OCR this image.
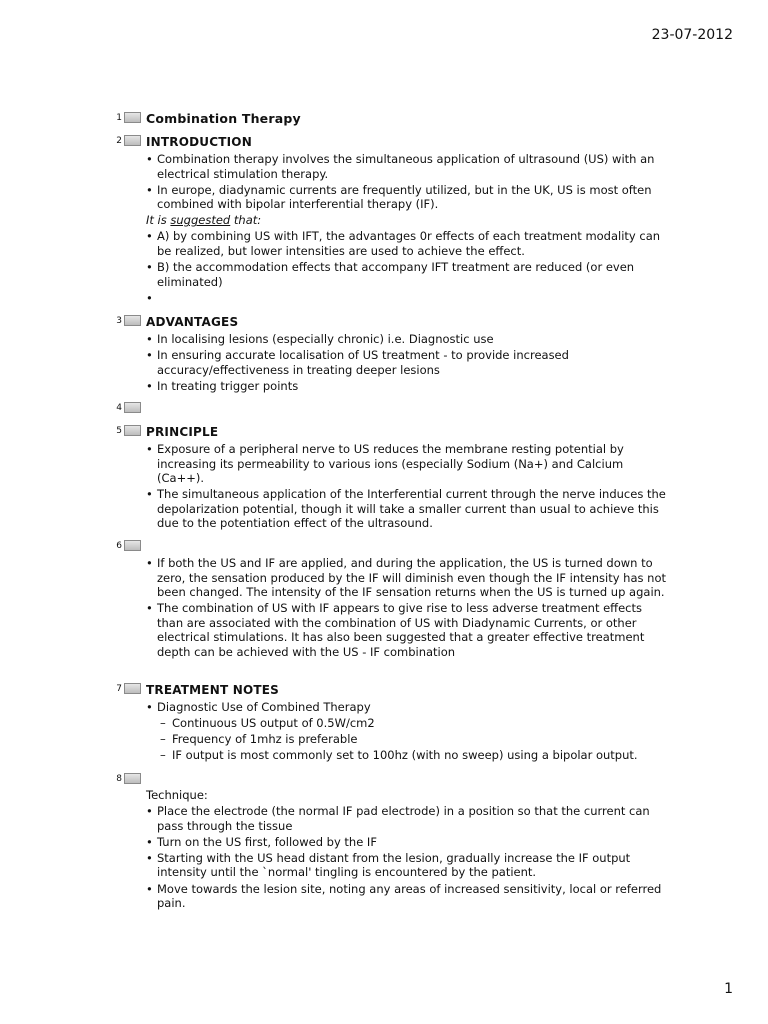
23-07-2012
1 Combination Therapy
2 INTRODUCTION
• Combination therapy involves the simultaneous application of ultrasound (US) with an electrical stimulation therapy.
• In europe, diadynamic currents are frequently utilized, but in the UK, US is most often combined with bipolar interferential therapy (IF).
It is suggested that:
• A) by combining US with IFT, the advantages 0r effects of each treatment modality can be realized, but lower intensities are used to achieve the effect.
• B) the accommodation effects that accompany IFT treatment are reduced (or even eliminated)
•
3 ADVANTAGES
• In localising lesions (especially chronic) i.e. Diagnostic use
• In ensuring accurate localisation of US treatment - to provide increased accuracy/effectiveness in treating deeper lesions
• In treating trigger points
4
5 PRINCIPLE
• Exposure of a peripheral nerve to US reduces the membrane resting potential by increasing its permeability to various ions (especially Sodium (Na+) and Calcium (Ca++).
• The simultaneous application of the Interferential current through the nerve induces the depolarization potential, though it will take a smaller current than usual to achieve this due to the potentiation effect of the ultrasound.
6
• If both the US and IF are applied, and during the application, the US is turned down to zero, the sensation produced by the IF will diminish even though the IF intensity has not been changed. The intensity of the IF sensation returns when the US is turned up again.
• The combination of US with IF appears to give rise to less adverse treatment effects than are associated with the combination of US with Diadynamic Currents, or other electrical stimulations. It has also been suggested that a greater effective treatment depth can be achieved with the US - IF combination
7 TREATMENT NOTES
• Diagnostic Use of Combined Therapy
– Continuous US output of 0.5W/cm2
– Frequency of 1mhz is preferable
– IF output is most commonly set to 100hz (with no sweep) using a bipolar output.
8
Technique:
• Place the electrode (the normal IF pad electrode) in a position so that the current can pass through the tissue
• Turn on the US first, followed by the IF
• Starting with the US head distant from the lesion, gradually increase the IF output intensity until the `normal' tingling is encountered by the patient.
• Move towards the lesion site, noting any areas of increased sensitivity, local or referred pain.
1
